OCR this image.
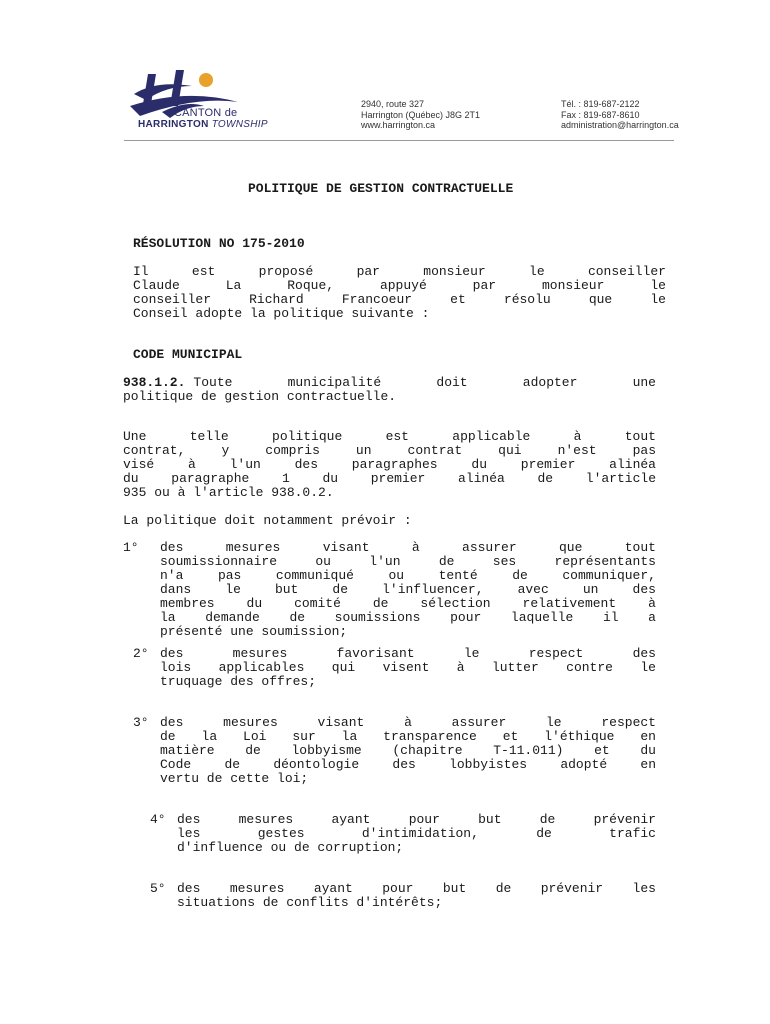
CANTON de
HARRINGTON TOWNSHIP
2940, route 327
Harrington (Québec) J8G 2T1
www.harrington.ca
Tél. : 819-687-2122
Fax : 819-687-8610
administration@harrington.ca
POLITIQUE DE GESTION CONTRACTUELLE
RÉSOLUTION NO 175-2010
Il	est	proposé	par	monsieur	le	conseiller
Claude	La	Roque,	appuyé	par	monsieur	le
conseiller	Richard	Francoeur	et	résolu	que	le
Conseil adopte la politique suivante :
CODE MUNICIPAL
938.1.2. Toute	municipalité	doit	adopter	une
politique de gestion contractuelle.
Une	telle	politique	est	applicable	à	tout
contrat,	y	compris	un	contrat	qui	n'est	pas
visé	à	l'un	des	paragraphes	du	premier	alinéa
du	paragraphe	1	du	premier	alinéa	de	l'article
935 ou à l'article 938.0.2.
La politique doit notamment prévoir :
1°	des	mesures	visant	à	assurer	que	tout
soumissionnaire	ou	l'un	de	ses	représentants
n'a	pas	communiqué	ou	tenté	de	communiquer,
dans	le	but	de	l'influencer,	avec	un	des
membres du comité de sélection relativement à
la demande de soumissions pour laquelle il a
présenté une soumission;
2° des	mesures	favorisant	le	respect	des
lois applicables qui visent à lutter contre le
truquage des offres;
3° des	mesures	visant	à	assurer	le	respect
de la Loi sur la transparence et l'éthique en
matière de lobbyisme (chapitre T-11.011) et du
Code	de	déontologie	des	lobbyistes	adopté	en
vertu de cette loi;
4° des	mesures	ayant	pour	but	de	prévenir
les	gestes	d'intimidation,	de	trafic
d'influence ou de corruption;
5° des mesures ayant pour but de prévenir les
situations de conflits d'intérêts;
